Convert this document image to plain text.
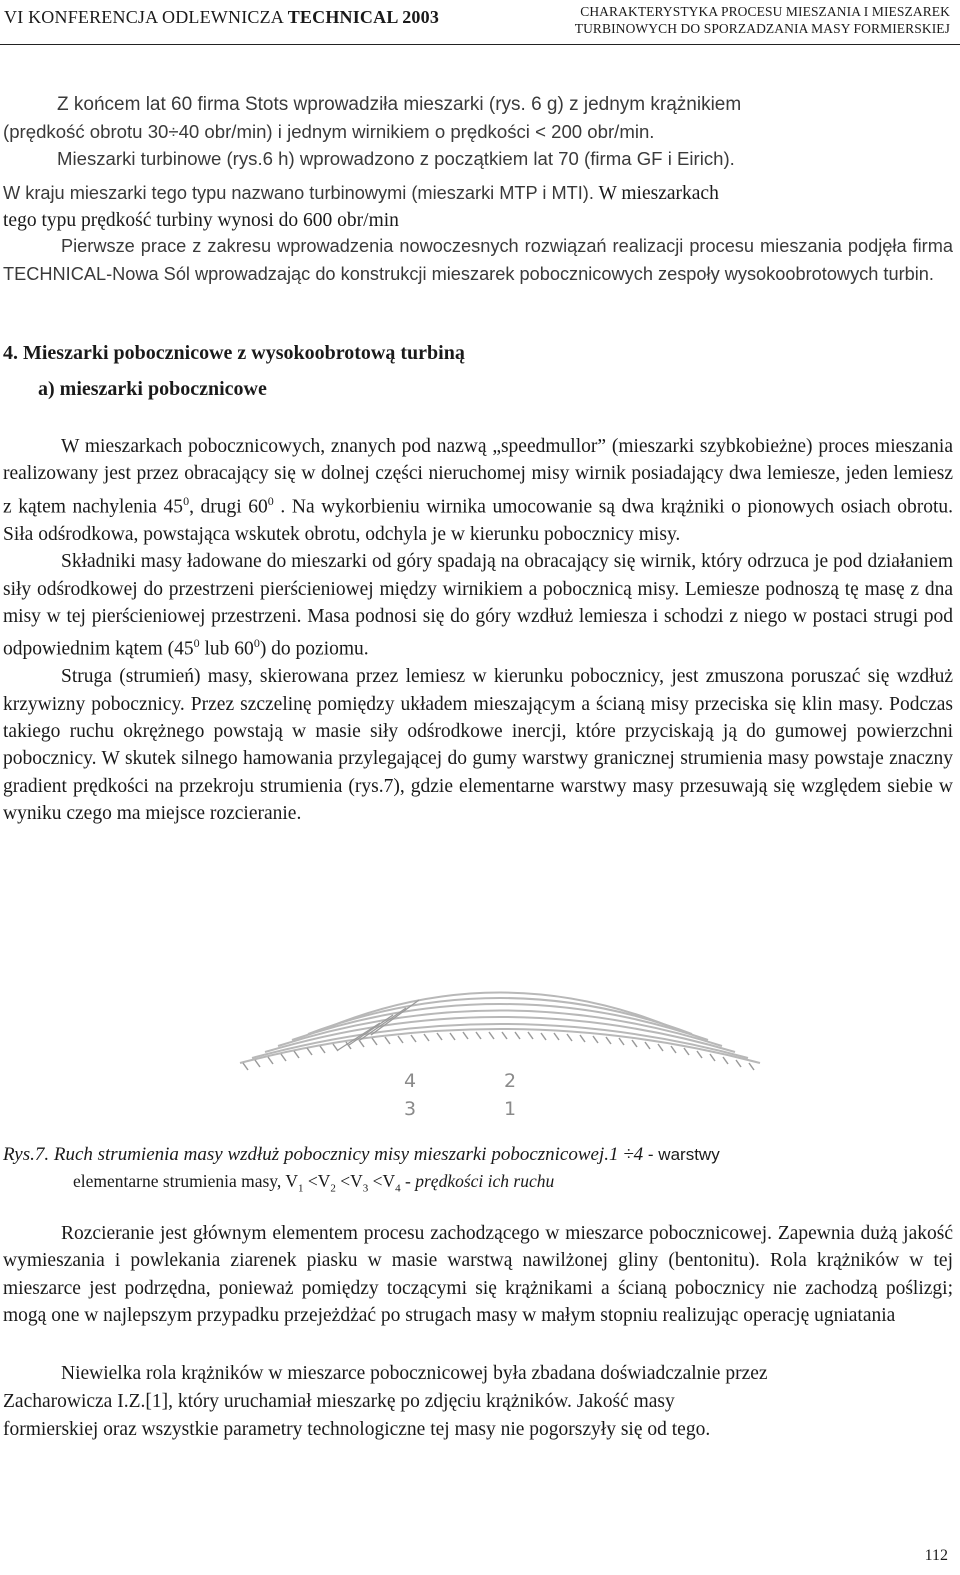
VI KONFERENCJA ODLEWNICZA TECHNICAL 2003	CHARAKTERYSTYKA PROCESU MIESZANIA I MIESZAREK
TURBINOWYCH DO SPORZADZANIA MASY FORMIERSKIEJ

Z końcem lat 60 firma Stots wprowadziła mieszarki (rys. 6 g) z jednym krążnikiem

(prędkość obrotu 30÷40 obr/min) i jednym wirnikiem o prędkości < 200 obr/min.
Mieszarki turbinowe (rys.6 h) wprowadzono z początkiem lat 70 (firma GF i Eirich).
W kraju mieszarki tego typu nazwano turbinowymi (mieszarki MTP i MTI). W mieszarkach
tego typu prędkość turbiny wynosi do 600 obr/min
Pierwsze prace z zakresu wprowadzenia nowoczesnych rozwiązań realizacji procesu mieszania podjęła firma TECHNICAL-Nowa Sól wprowadzając do konstrukcji mieszarek pobocznicowych zespoły wysokoobrotowych turbin.
4. Mieszarki pobocznicowe z wysokoobrotową turbiną
a) mieszarki pobocznicowe

W mieszarkach pobocznicowych, znanych pod nazwą „speedmullor” (mieszarki szybkobieżne) proces mieszania realizowany jest przez obracający się w dolnej części nieruchomej misy wirnik posiadający dwa lemiesze, jeden lemiesz z kątem nachylenia $45^0$, drugi $60^0$ . Na wykorbieniu wirnika umocowanie są dwa krążniki o pionowych osiach obrotu. Siła odśrodkowa, powstająca wskutek obrotu, odchyla je w kierunku pobocznicy misy.

Składniki masy ładowane do mieszarki od góry spadają na obracający się wirnik, który odrzuca je pod działaniem siły odśrodkowej do przestrzeni pierścieniowej między wirnikiem a pobocznicą misy. Lemiesze podnoszą tę masę z dna misy w tej pierścieniowej przestrzeni. Masa podnosi się do góry wzdłuż lemiesza i schodzi z niego w postaci strugi pod odpowiednim kątem ($45^0$ lub $60^0$) do poziomu.

Struga (strumień) masy, skierowana przez lemiesz w kierunku pobocznicy, jest zmuszona poruszać się wzdłuż krzywizny pobocznicy. Przez szczelinę pomiędzy układem mieszającym a ścianą misy przeciska się klin masy. Podczas takiego ruchu okrężnego powstają w masie siły odśrodkowe inercji, które przyciskają ją do gumowej powierzchni pobocznicy. W skutek silnego hamowania przylegającej do gumy warstwy granicznej strumienia masy powstaje znaczny gradient prędkości na przekroju strumienia (rys.7), gdzie elementarne warstwy masy przesuwają się względem siebie w wyniku czego ma miejsce rozcieranie.

4	2
3	1
Rys.7. Ruch strumienia masy wzdłuż pobocznicy misy mieszarki pobocznicowej.1 ÷4 - warstwy
elementarne strumienia masy, $V_1 <V_2 <V_3 <V_4$ - prędkości ich ruchu

Rozcieranie jest głównym elementem procesu zachodzącego w mieszarce pobocznicowej. Zapewnia dużą jakość wymieszania i powlekania ziarenek piasku w masie warstwą nawilżonej gliny (bentonitu). Rola krążników w tej mieszarce jest podrzędna, ponieważ pomiędzy toczącymi się krążnikami a ścianą pobocznicy nie zachodzą poślizgi; mogą one w najlepszym przypadku przejeżdżać po strugach masy w małym stopniu realizując operację ugniatania

Niewielka rola krążników w mieszarce pobocznicowej była zbadana doświadczalnie przez
Zacharowicza I.Z.[1], który uruchamiał mieszarkę po zdjęciu krążników. Jakość masy
formierskiej oraz wszystkie parametry technologiczne tej masy nie pogorszyły się od tego.
112
